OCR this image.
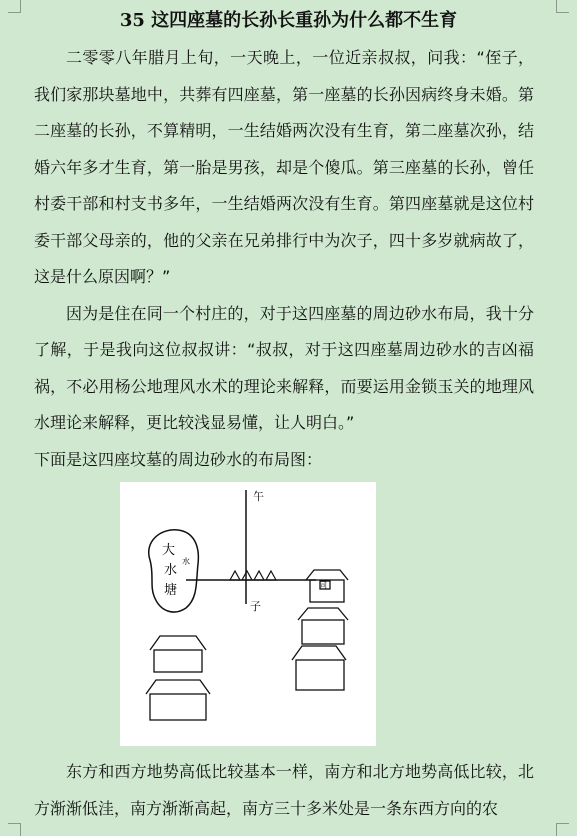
35 这四座墓的长孙长重孙为什么都不生育

二零零八年腊月上旬，一天晚上，一位近亲叔叔，问我：“侄子，我们家那块墓地中，共葬有四座墓，第一座墓的长孙因病终身未婚。第二座墓的长孙，不算精明，一生结婚两次没有生育，第二座墓次孙，结婚六年多才生育，第一胎是男孩，却是个傻瓜。第三座墓的长孙，曾任村委干部和村支书多年，一生结婚两次没有生育。第四座墓就是这位村委干部父母亲的，他的父亲在兄弟排行中为次子，四十多岁就病故了，这是什么原因啊？”

因为是住在同一个村庄的，对于这四座墓的周边砂水布局，我十分了解，于是我向这位叔叔讲：“叔叔，对于这四座墓周边砂水的吉凶福祸，不必用杨公地理风水术的理论来解释，而要运用金锁玉关的地理风水理论来解释，更比较浅显易懂，让人明白。”

下面是这四座坟墓的周边砂水的布局图：

午
子
大
水
塘
水
同

东方和西方地势高低比较基本一样，南方和北方地势高低比较，北方渐渐低洼，南方渐渐高起，南方三十多米处是一条东西方向的农
